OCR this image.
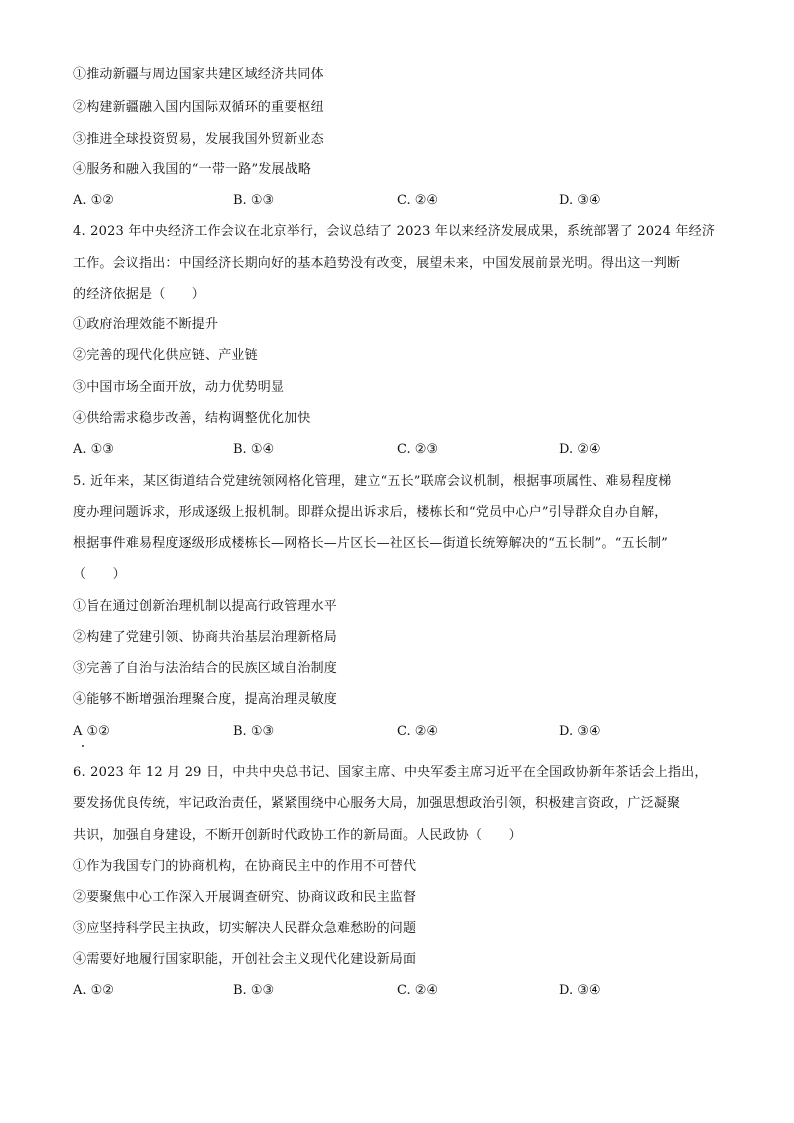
①推动新疆与周边国家共建区域经济共同体
②构建新疆融入国内国际双循环的重要枢纽
③推进全球投资贸易，发展我国外贸新业态
④服务和融入我国的“一带一路”发展战略
A. ①②	B. ①③	C. ②④	D. ③④
4. 2023 年中央经济工作会议在北京举行，会议总结了 2023 年以来经济发展成果，系统部署了 2024 年经济
工作。会议指出：中国经济长期向好的基本趋势没有改变，展望未来，中国发展前景光明。得出这一判断
的经济依据是（　　）
①政府治理效能不断提升
②完善的现代化供应链、产业链
③中国市场全面开放，动力优势明显
④供给需求稳步改善，结构调整优化加快
A. ①③	B. ①④	C. ②③	D. ②④
5. 近年来，某区街道结合党建统领网格化管理，建立“五长”联席会议机制，根据事项属性、难易程度梯
度办理问题诉求，形成逐级上报机制。即群众提出诉求后，楼栋长和“党员中心户”引导群众自办自解，
根据事件难易程度逐级形成楼栋长—网格长—片区长—社区长—街道长统筹解决的“五长制”。“五长制”
（　　）
①旨在通过创新治理机制以提高行政管理水平
②构建了党建引领、协商共治基层治理新格局
③完善了自治与法治结合的民族区域自治制度
④能够不断增强治理聚合度，提高治理灵敏度
A ①②	B. ①③	C. ②④	D. ③④
6. 2023 年 12 月 29 日，中共中央总书记、国家主席、中央军委主席习近平在全国政协新年茶话会上指出，
要发扬优良传统，牢记政治责任，紧紧围绕中心服务大局，加强思想政治引领，积极建言资政，广泛凝聚
共识，加强自身建设，不断开创新时代政协工作的新局面。人民政协（　　）
①作为我国专门的协商机构，在协商民主中的作用不可替代
②要聚焦中心工作深入开展调查研究、协商议政和民主监督
③应坚持科学民主执政，切实解决人民群众急难愁盼的问题
④需要好地履行国家职能，开创社会主义现代化建设新局面
A. ①②	B. ①③	C. ②④	D. ③④
